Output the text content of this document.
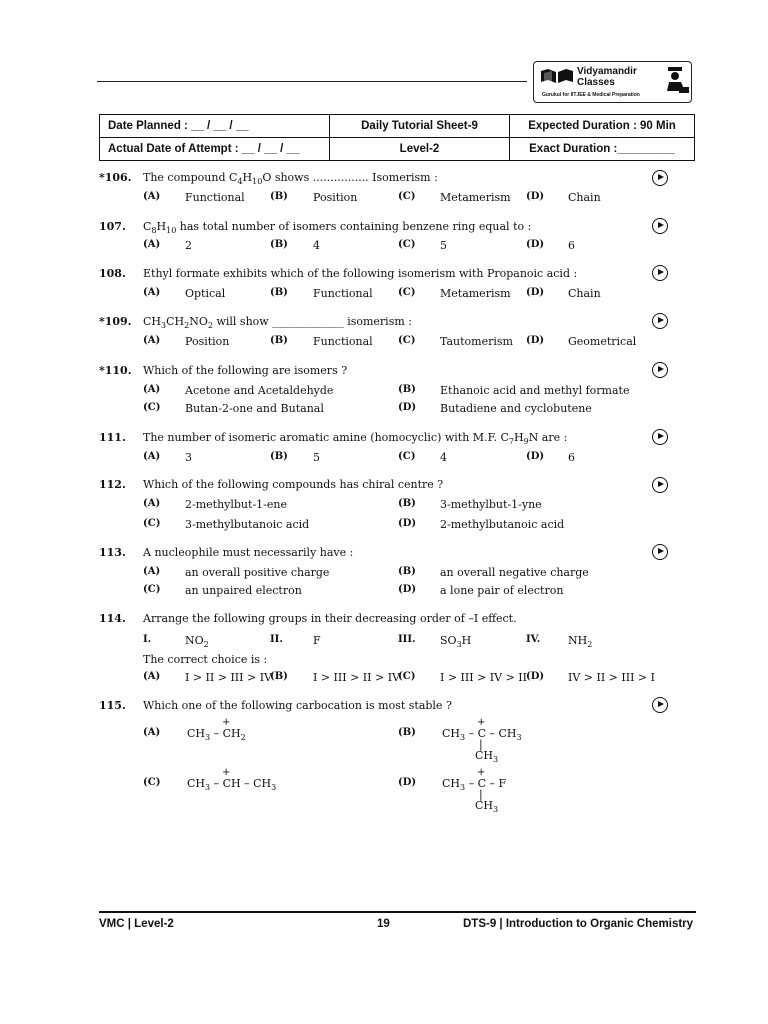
Vidyamandir
Classes
Gurukul for IITJEE & Medical Preparation
Date Planned : __ / __ / __	Daily Tutorial Sheet-9	Expected Duration : 90 Min
Actual Date of Attempt : __ / __ / __	Level-2	Exact Duration :_________
*106. The compound $C_4H_{10}O$ shows ................ Isomerism :
(A) Functional	(B) Position	(C) Metamerism (D) Chain
107. $C_8H_{10}$ has total number of isomers containing benzene ring equal to :
(A) 2	(B) 4	(C) 5	(D) 6
108. Ethyl formate exhibits which of the following isomerism with Propanoic acid :
(A) Optical	(B) Functional	(C) Metamerism (D) Chain
*109. $CH_3CH_2NO_2$ will show _____________ isomerism :
(A) Position	(B) Functional	(C) Tautomerism (D) Geometrical
*110. Which of the following are isomers ?
(A) Acetone and Acetaldehyde	(B) Ethanoic acid and methyl formate
(C) Butan-2-one and Butanal	(D) Butadiene and cyclobutene
111. The number of isomeric aromatic amine (homocyclic) with M.F. $C_7H_9N$ are :
(A) 3	(B) 5	(C) 4	(D) 6
112. Which of the following compounds has chiral centre ?
(A) 2-methylbut-1-ene	(B) 3-methylbut-1-yne
(C) 3-methylbutanoic acid	(D) 2-methylbutanoic acid
113. A nucleophile must necessarily have :
(A) an overall positive charge	(B) an overall negative charge
(C) an unpaired electron	(D) a lone pair of electron
114. Arrange the following groups in their decreasing order of –I effect.
I.	$NO_2$	II.	F	III. $SO_3H$	IV.	$NH_2$
The correct choice is :
(A) I > II > III > IV
(B) I > III > II > IV
(C) I > III > IV > II (D) IV > II > III > I
115. Which one of the following carbocation is most stable ?
(A)
+
$CH_3 - CH_2$	(B)
+
$CH_3$ – C – $CH_3$
|
$CH_3$
(C)
+
$CH_3$ – CH – $CH_3$	(D)
+
$CH_3$ – C – F
|
$CH_3$
VMC | Level-2	19	DTS-9 | Introduction to Organic Chemistry
